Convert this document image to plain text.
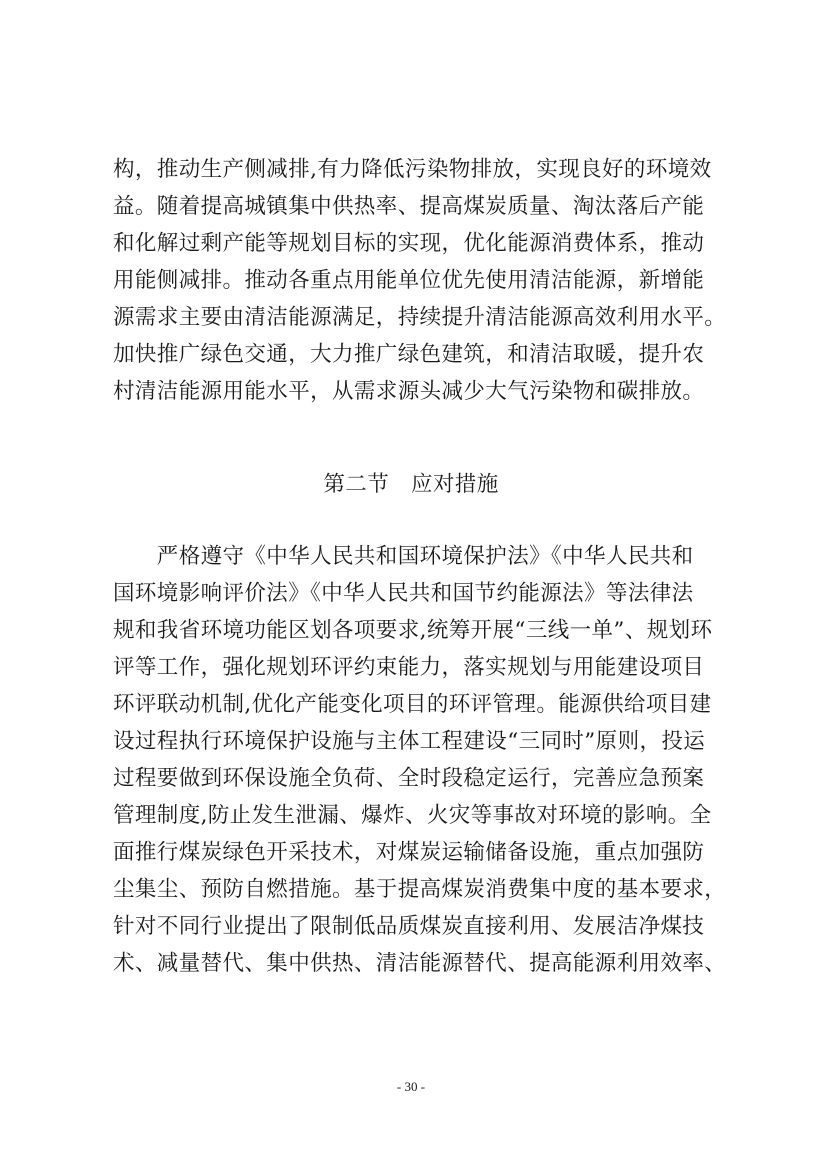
构，推动生产侧减排,有力降低污染物排放，实现良好的环境效
益。随着提高城镇集中供热率、提高煤炭质量、淘汰落后产能
和化解过剩产能等规划目标的实现，优化能源消费体系，推动
用能侧减排。推动各重点用能单位优先使用清洁能源，新增能
源需求主要由清洁能源满足，持续提升清洁能源高效利用水平。
加快推广绿色交通，大力推广绿色建筑，和清洁取暖，提升农
村清洁能源用能水平，从需求源头减少大气污染物和碳排放。
第二节　应对措施
　　严格遵守《中华人民共和国环境保护法》《中华人民共和
国环境影响评价法》《中华人民共和国节约能源法》等法律法
规和我省环境功能区划各项要求,统筹开展“三线一单”、规划环
评等工作，强化规划环评约束能力，落实规划与用能建设项目
环评联动机制,优化产能变化项目的环评管理。能源供给项目建
设过程执行环境保护设施与主体工程建设“三同时”原则，投运
过程要做到环保设施全负荷、全时段稳定运行，完善应急预案
管理制度,防止发生泄漏、爆炸、火灾等事故对环境的影响。全
面推行煤炭绿色开采技术，对煤炭运输储备设施，重点加强防
尘集尘、预防自燃措施。基于提高煤炭消费集中度的基本要求，
针对不同行业提出了限制低品质煤炭直接利用、发展洁净煤技
术、减量替代、集中供热、清洁能源替代、提高能源利用效率、
- 30 -
